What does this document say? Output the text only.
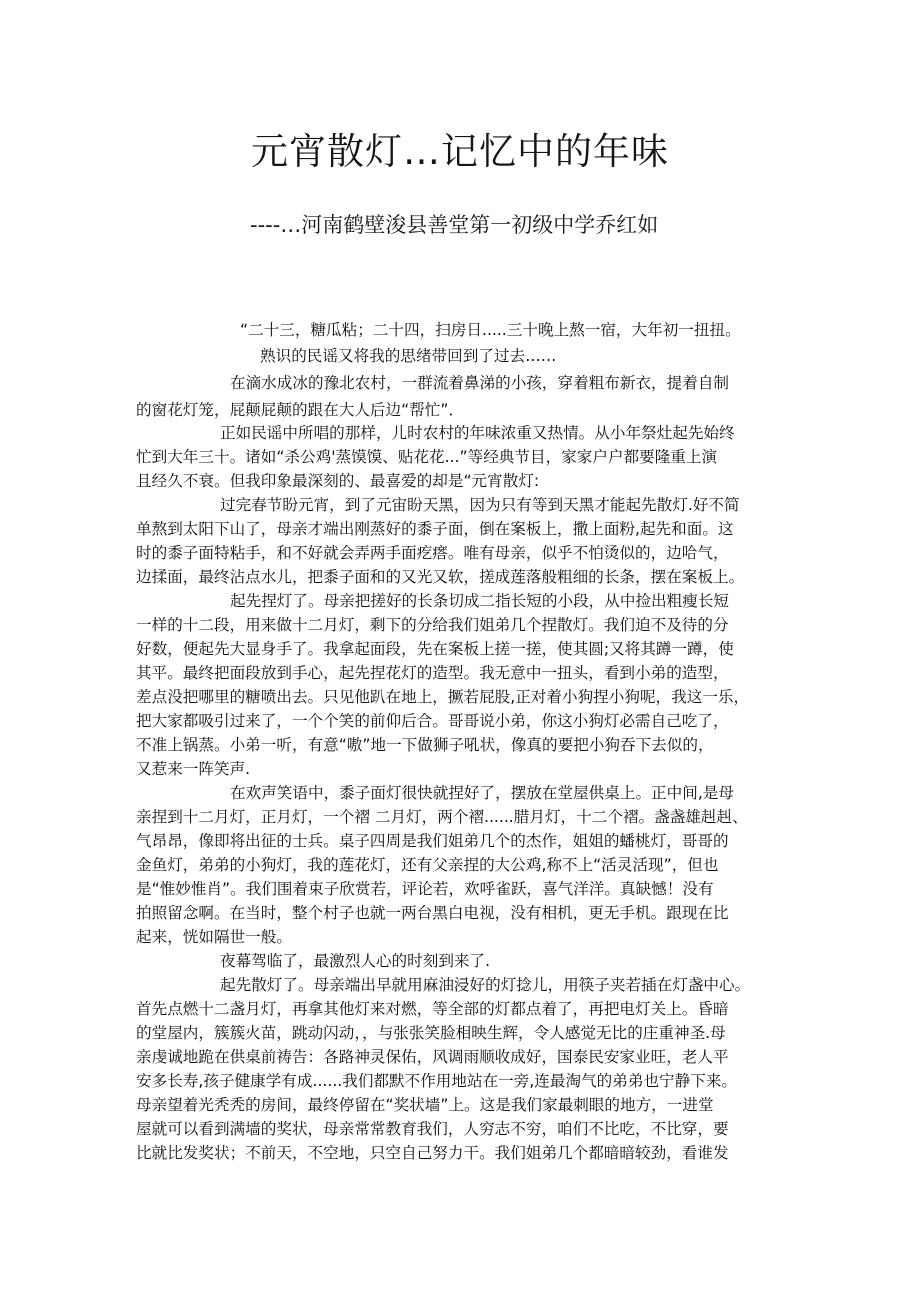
元宵散灯…记忆中的年味
----…河南鹤壁浚县善堂第一初级中学乔红如
“二十三，糖瓜粘；二十四，扫房日.....三十晚上熬一宿，大年初一扭扭。
熟识的民谣又将我的思绪带回到了过去……
在滴水成冰的豫北农村，一群流着鼻涕的小孩，穿着粗布新衣，提着自制
的窗花灯笼，屁颠屁颠的跟在大人后边“帮忙”．
正如民谣中所唱的那样，儿时农村的年味浓重又热情。从小年祭灶起先始终
忙到大年三十。诸如“杀公鸡'蒸馍馍、贴花花...”等经典节目，家家户户都要隆重上演
且经久不衰。但我印象最深刻的、最喜爱的却是“元宵散灯:
过完春节盼元宵，到了元宙盼天黑，因为只有等到天黑才能起先散灯.好不简
单熬到太阳下山了，母亲才端出刚蒸好的黍子面，倒在案板上，撒上面粉,起先和面。这
时的黍子面特粘手，和不好就会弄两手面疙瘩。唯有母亲，似乎不怕烫似的，边哈气，
边揉面，最终沾点水儿，把黍子面和的又光又软，搓成莲落般粗细的长条，摆在案板上。
起先捏灯了。母亲把搓好的长条切成二指长短的小段，从中捡出粗瘦长短
一样的十二段，用来做十二月灯，剩下的分给我们姐弟几个捏散灯。我们迫不及待的分
好数，便起先大显身手了。我拿起面段，先在案板上搓一搓，使其圆;又将其蹲一蹲，使
其平。最终把面段放到手心，起先捏花灯的造型。我无意中一扭头，看到小弟的造型，
差点没把哪里的糖喷出去。只见他趴在地上，撅若屁股,正对着小狗捏小狗呢，我这一乐，
把大家都吸引过来了，一个个笑的前仰后合。哥哥说小弟，你这小狗灯必需自己吃了，
不准上锅蒸。小弟一听，有意“嗷”地一下做狮子吼状，像真的要把小狗吞下去似的，
又惹来一阵笑声.
在欢声笑语中，黍子面灯很快就捏好了，摆放在堂屋供桌上。正中间,是母
亲捏到十二月灯，正月灯，一个褶 二月灯，两个褶......腊月灯，十二个褶。盏盏雄赳赳、
气昂昂，像即将出征的士兵。桌子四周是我们姐弟几个的杰作，姐姐的蟠桃灯，哥哥的
金鱼灯，弟弟的小狗灯，我的莲花灯，还有父亲捏的大公鸡,称不上“活灵活现”，但也
是“惟妙惟肖”。我们围着束子欣赏若，评论若，欢呼雀跃，喜气洋洋。真缺憾！没有
拍照留念啊。在当时，整个村子也就一两台黑白电视，没有相机，更无手机。跟现在比
起来，恍如隔世一般。
夜幕驾临了，最激烈人心的时刻到来了.
起先散灯了。母亲端出早就用麻油浸好的灯捻儿，用筷子夹若插在灯盏中心。
首先点燃十二盏月灯，再拿其他灯来对燃，等全部的灯都点着了，再把电灯关上。昏暗
的堂屋内，簇簇火苗，跳动闪动，，与张张笑脸相映生辉，令人感觉无比的庄重神圣.母
亲虔诚地跪在供桌前祷告：各路神灵保佑，风调雨顺收成好，国泰民安家业旺，老人平
安多长寿,孩子健康学有成......我们都默不作用地站在一旁,连最淘气的弟弟也宁静下来。
母亲望着光秃秃的房间，最终停留在“奖状墙”上。这是我们家最刺眼的地方，一进堂
屋就可以看到满墙的奖状，母亲常常教育我们，人穷志不穷，咱们不比吃，不比穿，要
比就比发奖状；不前天，不空地，只空自己努力干。我们姐弟几个都暗暗较劲，看谁发
